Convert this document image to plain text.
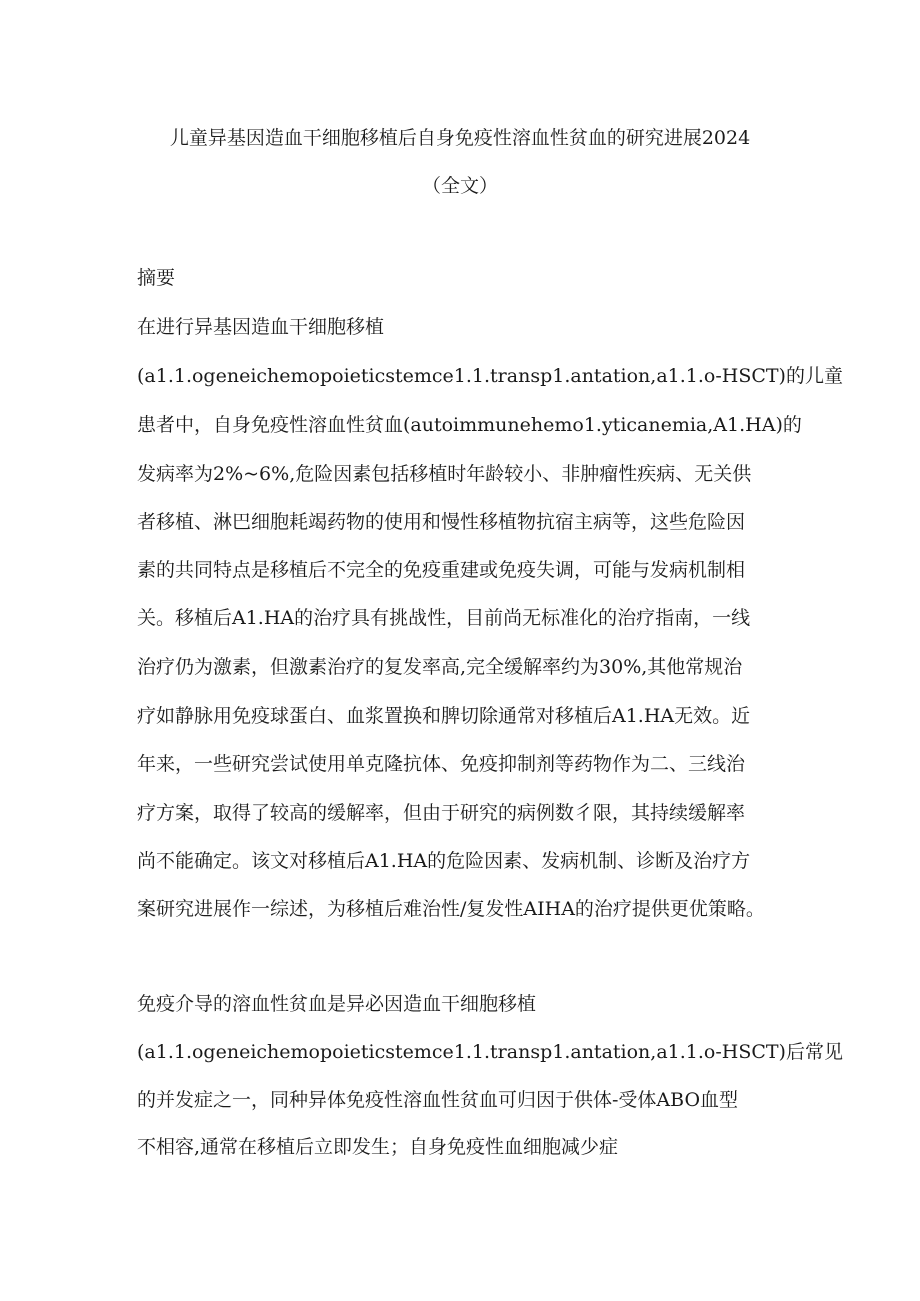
儿童异基因造血干细胞移植后自身免疫性溶血性贫血的研究进展2024
（全文）
摘要
在进行异基因造血干细胞移植
(a1.1.ogeneichemopoieticstemce1.1.transp1.antation,a1.1.o-HSCT)的儿童
患者中，自身免疫性溶血性贫血(autoimmunehemo1.yticanemia,A1.HA)的
发病率为2%~6%,危险因素包括移植时年龄较小、非肿瘤性疾病、无关供
者移植、淋巴细胞耗竭药物的使用和慢性移植物抗宿主病等，这些危险因
素的共同特点是移植后不完全的免疫重建或免疫失调，可能与发病机制相
关。移植后A1.HA的治疗具有挑战性，目前尚无标准化的治疗指南，一线
治疗仍为激素，但激素治疗的复发率高,完全缓解率约为30%,其他常规治
疗如静脉用免疫球蛋白、血浆置换和脾切除通常对移植后A1.HA无效。近
年来，一些研究尝试使用单克隆抗体、免疫抑制剂等药物作为二、三线治
疗方案，取得了较高的缓解率，但由于研究的病例数彳限，其持续缓解率
尚不能确定。该文对移植后A1.HA的危险因素、发病机制、诊断及治疗方
案研究进展作一综述，为移植后难治性/复发性AIHA的治疗提供更优策略。
免疫介导的溶血性贫血是异必因造血干细胞移植
(a1.1.ogeneichemopoieticstemce1.1.transp1.antation,a1.1.o-HSCT)后常见
的并发症之一，同种异体免疫性溶血性贫血可归因于供体-受体ABO血型
不相容,通常在移植后立即发生；自身免疫性血细胞减少症
